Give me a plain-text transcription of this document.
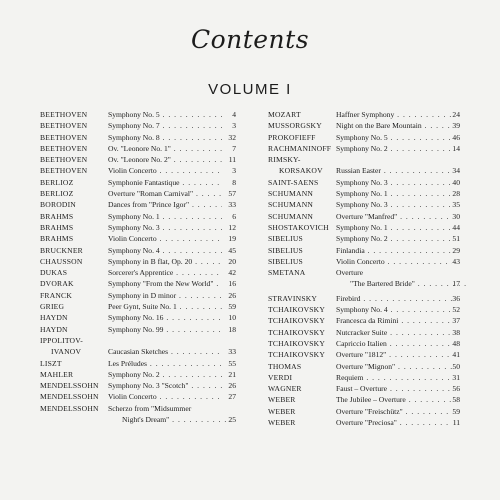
Contents
VOLUME I
BEETHOVEN	Symphony No. 5 . . .	4
BEETHOVEN	Symphony No. 7 . . .	3
BEETHOVEN	Symphony No. 8 . . .	32
BEETHOVEN	Ov. "Leonore No. 1" . . .	7
BEETHOVEN	Ov. "Leonore No. 2" . . .	11
BEETHOVEN	Violin Concerto . . .	3
BERLIOZ	Symphonie Fantastique . . .	8
BERLIOZ	Overture "Roman Carnival" . . .	57
BORODIN	Dances from "Prince Igor" . . .	33
BRAHMS	Symphony No. 1 . . .	6
BRAHMS	Symphony No. 3 . . .	12
BRAHMS	Violin Concerto . . .	19
BRUCKNER	Symphony No. 4 . . .	45
CHAUSSON	Symphony in B flat, Op. 20 . . .	20
DUKAS	Sorcerer's Apprentice . . .	42
DVORAK	Symphony "From the New World" . . .	16
FRANCK	Symphony in D minor . . .	26
GRIEG	Peer Gynt, Suite No. 1 . . .	59
HAYDN	Symphony No. 16 . . .	10
HAYDN	Symphony No. 99 . . .	18
IPPOLITOV-
IVANOV	Caucasian Sketches . . .	33
LISZT	Les Préludes . . .	55
MAHLER	Symphony No. 2 . . .	21
MENDELSSOHN Symphony No. 3 "Scotch" . . .	26
MENDELSSOHN Violin Concerto . . .	27
MENDELSSOHN Scherzo from "Midsummer
Night's Dream" . . .	25
MOZART	Haffner Symphony . . .	24
MUSSORGSKY Night on the Bare Mountain . . .	39
PROKOFIEFF	Symphony No. 5 . . .	46
RACHMANINOFF Symphony No. 2 . . .	14
RIMSKY-
KORSAKOV Russian Easter . . .	34
SAINT-SAENS Symphony No. 3 . . .	40
SCHUMANN	Symphony No. 1 . . .	28
SCHUMANN	Symphony No. 3 . . .	35
SCHUMANN	Overture "Manfred" . . .	30
SHOSTAKOVICH Symphony No. 1 . . .	44
SIBELIUS	Symphony No. 2 . . .	51
SIBELIUS	Finlandia . . .	29
SIBELIUS	Violin Concerto . . .	43
SMETANA	Overture
"The Bartered Bride" . . .	17
STRAVINSKY Firebird . . .	36
TCHAIKOVSKY Symphony No. 4 . . .	52
TCHAIKOVSKY Francesca da Rimini . . .	37
TCHAIKOVSKY Nutcracker Suite . . .	38
TCHAIKOVSKY Capriccio Italien . . .	48
TCHAIKOVSKY Overture "1812" . . .	41
THOMAS	Overture "Mignon" . . .	50
VERDI	Requiem . . .	31
WAGNER	Faust – Overture . . .	56
WEBER	The Jubilee – Overture . . .	58
WEBER	Overture "Freischütz" . . .	59
WEBER	Overture "Preciosa" . . .	11
